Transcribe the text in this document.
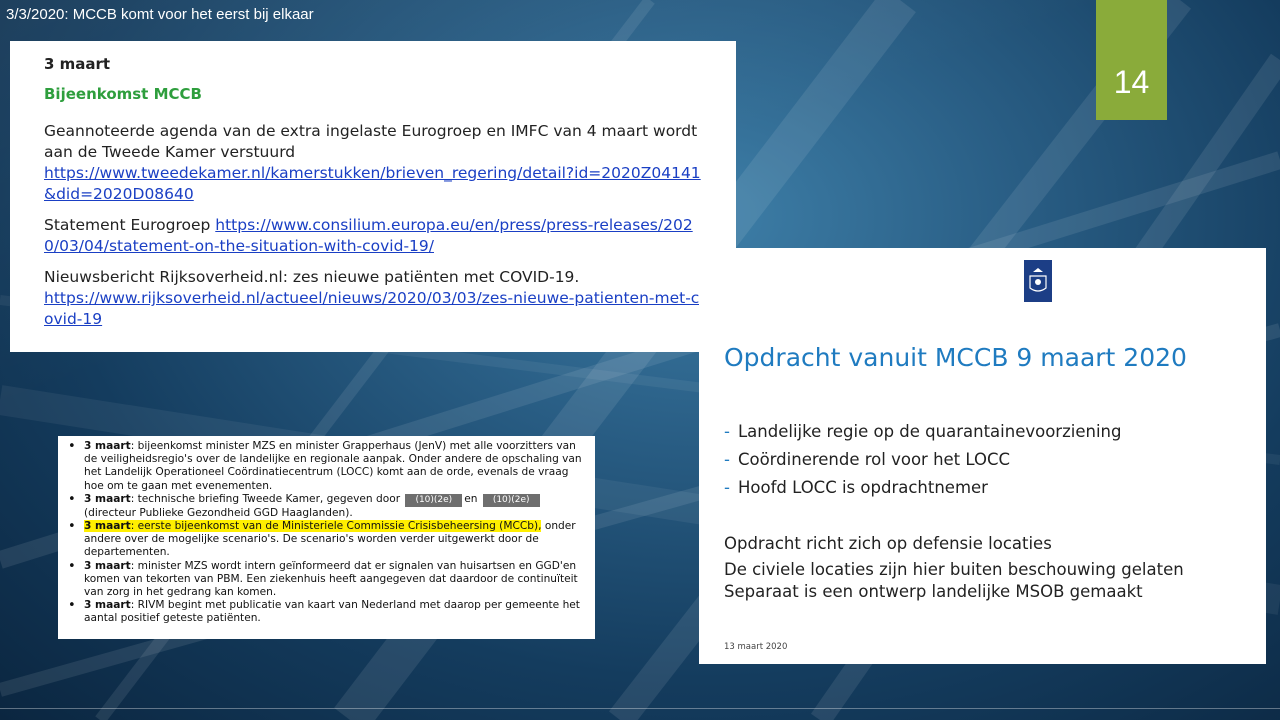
3/3/2020: MCCB komt voor het eerst bij elkaar
14
3 maart
Bijeenkomst MCCB

Geannoteerde agenda van de extra ingelaste Eurogroep en IMFC van 4 maart wordt aan de Tweede Kamer verstuurd
https://www.tweedekamer.nl/kamerstukken/brieven_regering/detail?id=2020Z04141&did=2020D08640

Statement Eurogroep https://www.consilium.europa.eu/en/press/press-releases/2020/03/04/statement-on-the-situation-with-covid-19/

Nieuwsbericht Rijksoverheid.nl: zes nieuwe patiënten met COVID-19.
https://www.rijksoverheid.nl/actueel/nieuws/2020/03/03/zes-nieuwe-patienten-met-covid-19

• 3 maart: bijeenkomst minister MZS en minister Grapperhaus (JenV) met alle voorzitters van de veiligheidsregio's over de landelijke en regionale aanpak. Onder andere de opschaling van het Landelijk Operationeel Coördinatiecentrum (LOCC) komt aan de orde, evenals de vraag hoe om te gaan met evenementen.
• 3 maart: technische briefing Tweede Kamer, gegeven door (10)(2e) en (10)(2e)
(directeur Publieke Gezondheid GGD Haaglanden).
• 3 maart: eerste bijeenkomst van de Ministeriele Commissie Crisisbeheersing (MCCb), onder andere over de mogelijke scenario's. De scenario's worden verder uitgewerkt door de departementen.
• 3 maart: minister MZS wordt intern geïnformeerd dat er signalen van huisartsen en GGD'en komen van tekorten van PBM. Een ziekenhuis heeft aangegeven dat daardoor de continuïteit van zorg in het gedrang kan komen.
• 3 maart: RIVM begint met publicatie van kaart van Nederland met daarop per gemeente het aantal positief geteste patiënten.
Opdracht vanuit MCCB 9 maart 2020
- Landelijke regie op de quarantainevoorziening
- Coördinerende rol voor het LOCC
- Hoofd LOCC is opdrachtnemer
Opdracht richt zich op defensie locaties
De civiele locaties zijn hier buiten beschouwing gelaten
Separaat is een ontwerp landelijke MSOB gemaakt
13 maart 2020
